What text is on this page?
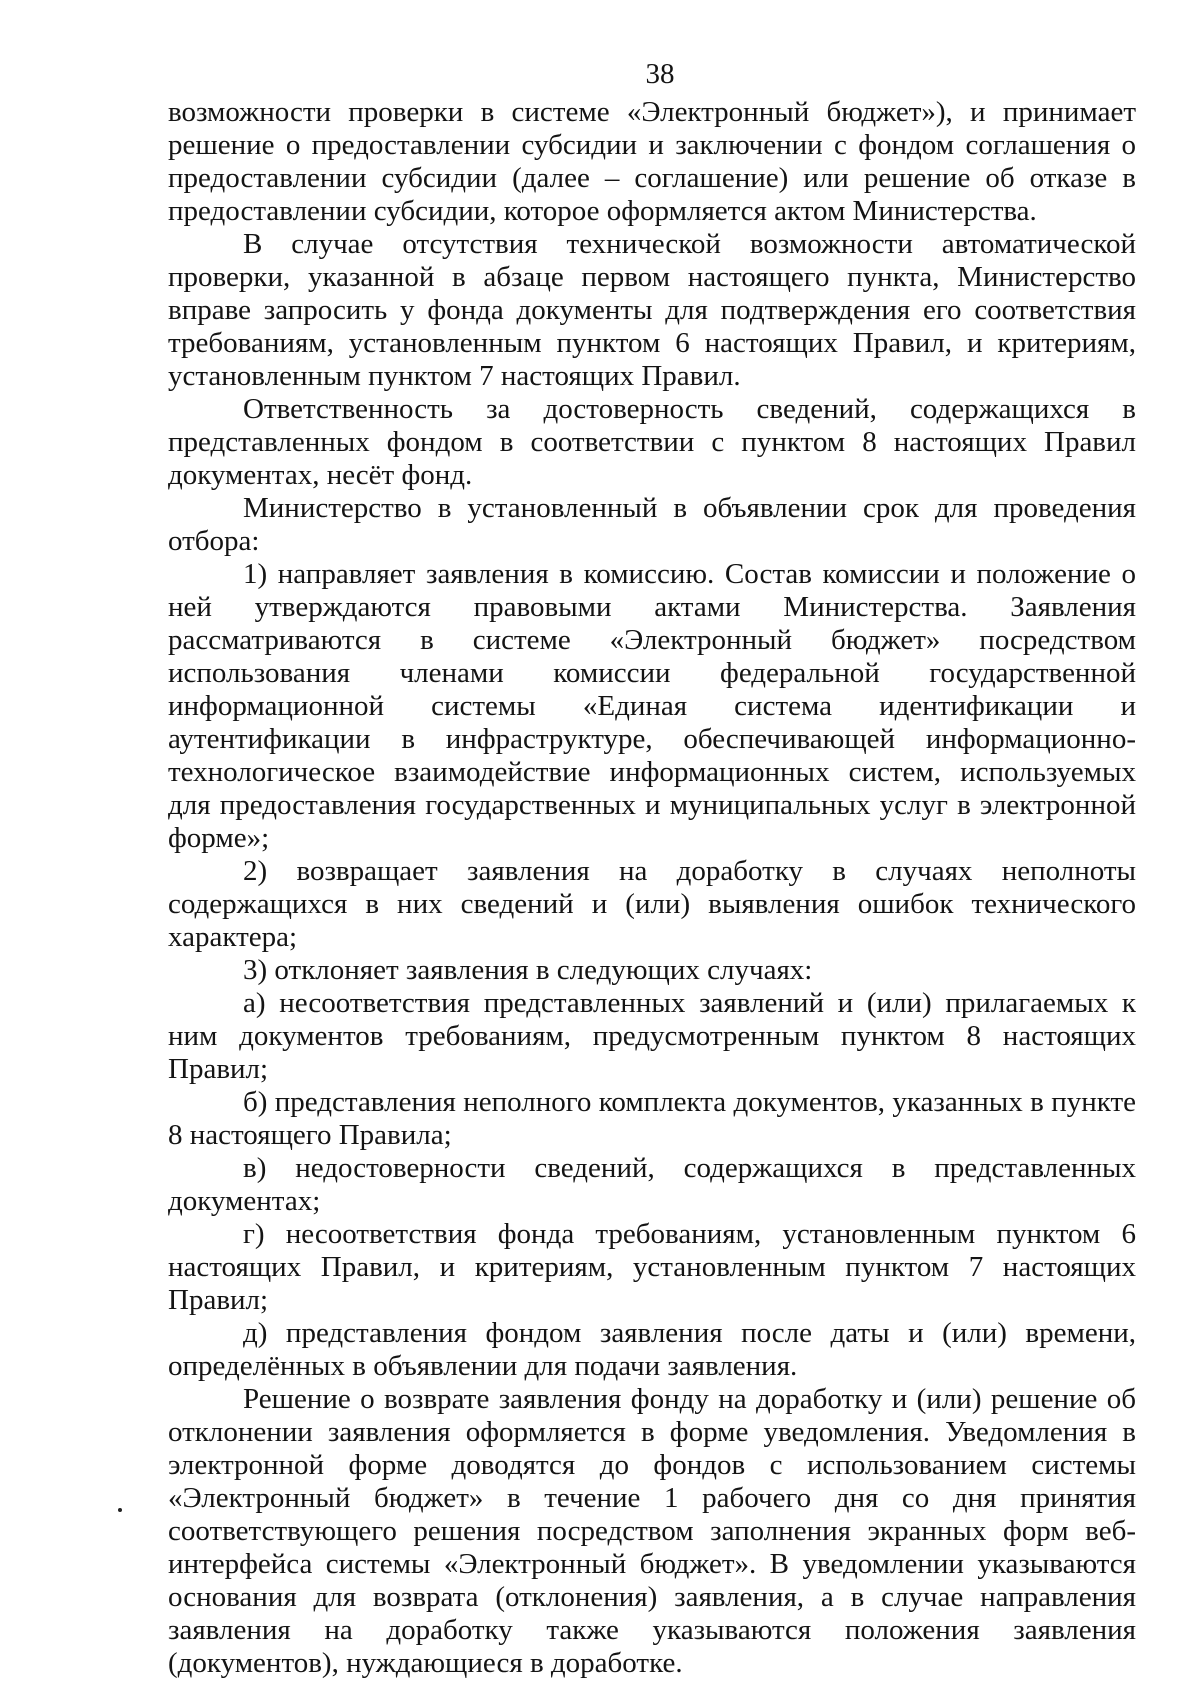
38

возможности проверки в системе «Электронный бюджет»), и принимает решение о предоставлении субсидии и заключении с фондом соглашения о предоставлении субсидии (далее – соглашение) или решение об отказе в предоставлении субсидии, которое оформляется актом Министерства.

В случае отсутствия технической возможности автоматической проверки, указанной в абзаце первом настоящего пункта, Министерство вправе запросить у фонда документы для подтверждения его соответствия требованиям, установленным пунктом 6 настоящих Правил, и критериям, установленным пунктом 7 настоящих Правил.

Ответственность за достоверность сведений, содержащихся в представленных фондом в соответствии с пунктом 8 настоящих Правил документах, несёт фонд.

Министерство в установленный в объявлении срок для проведения отбора:

1) направляет заявления в комиссию. Состав комиссии и положение о ней утверждаются правовыми актами Министерства. Заявления рассматриваются в системе «Электронный бюджет» посредством использования членами комиссии федеральной государственной информационной системы «Единая система идентификации и аутентификации в инфраструктуре, обеспечивающей информационно-технологическое взаимодействие информационных систем, используемых для предоставления государственных и муниципальных услуг в электронной форме»;

2) возвращает заявления на доработку в случаях неполноты содержащихся в них сведений и (или) выявления ошибок технического характера;

3) отклоняет заявления в следующих случаях:

а) несоответствия представленных заявлений и (или) прилагаемых к ним документов требованиям, предусмотренным пунктом 8 настоящих Правил;

б) представления неполного комплекта документов, указанных в пункте 8 настоящего Правила;

в) недостоверности сведений, содержащихся в представленных документах;

г) несоответствия фонда требованиям, установленным пунктом 6 настоящих Правил, и критериям, установленным пунктом 7 настоящих Правил;

д) представления фондом заявления после даты и (или) времени, определённых в объявлении для подачи заявления.

Решение о возврате заявления фонду на доработку и (или) решение об отклонении заявления оформляется в форме уведомления. Уведомления в электронной форме доводятся до фондов с использованием системы «Электронный бюджет» в течение 1 рабочего дня со дня принятия соответствующего решения посредством заполнения экранных форм веб-интерфейса системы «Электронный бюджет». В уведомлении указываются основания для возврата (отклонения) заявления, а в случае направления заявления на доработку также указываются положения заявления (документов), нуждающиеся в доработке.
